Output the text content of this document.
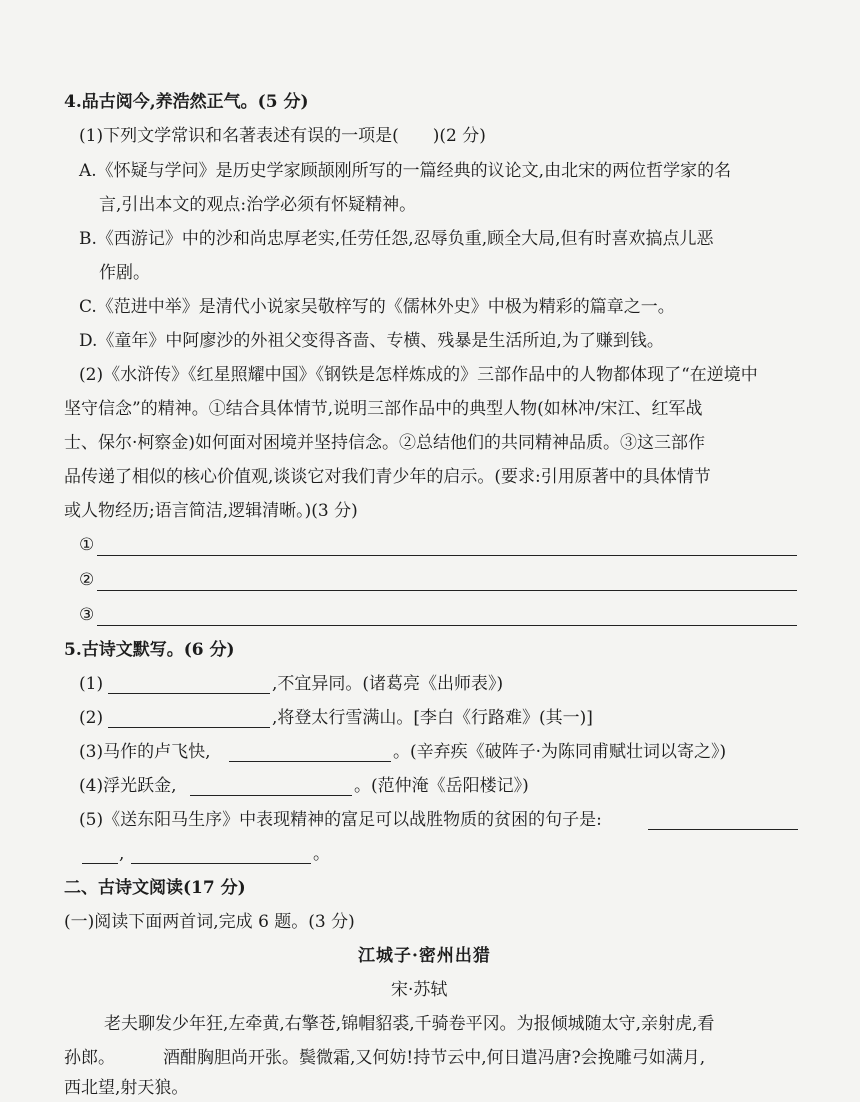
4.品古阅今,养浩然正气。(5 分)
(1)下列文学常识和名著表述有误的一项是(　　)(2 分)
A.《怀疑与学问》是历史学家顾颉刚所写的一篇经典的议论文,由北宋的两位哲学家的名
言,引出本文的观点:治学必须有怀疑精神。
B.《西游记》中的沙和尚忠厚老实,任劳任怨,忍辱负重,顾全大局,但有时喜欢搞点儿恶
作剧。
C.《范进中举》是清代小说家吴敬梓写的《儒林外史》中极为精彩的篇章之一。
D.《童年》中阿廖沙的外祖父变得吝啬、专横、残暴是生活所迫,为了赚到钱。
(2)《水浒传》《红星照耀中国》《钢铁是怎样炼成的》三部作品中的人物都体现了“在逆境中
坚守信念”的精神。①结合具体情节,说明三部作品中的典型人物(如林冲/宋江、红军战
士、保尔·柯察金)如何面对困境并坚持信念。②总结他们的共同精神品质。③这三部作
品传递了相似的核心价值观,谈谈它对我们青少年的启示。(要求:引用原著中的具体情节
或人物经历;语言简洁,逻辑清晰。)(3 分)
①
②
③
5.古诗文默写。(6 分)
(1)	,不宜异同。(诸葛亮《出师表》)
(2)	,将登太行雪满山。[李白《行路难》(其一)]
(3)马作的卢飞快,	。(辛弃疾《破阵子·为陈同甫赋壮词以寄之》)
(4)浮光跃金,	。(范仲淹《岳阳楼记》)
(5)《送东阳马生序》中表现精神的富足可以战胜物质的贫困的句子是:
,	。
二、古诗文阅读(17 分)
(一)阅读下面两首词,完成 6 题。(3 分)
江城子·密州出猎
宋·苏轼
老夫聊发少年狂,左牵黄,右擎苍,锦帽貂裘,千骑卷平冈。为报倾城随太守,亲射虎,看
孙郎。	酒酣胸胆尚开张。鬓微霜,又何妨!持节云中,何日遣冯唐?会挽雕弓如满月,
西北望,射天狼。
